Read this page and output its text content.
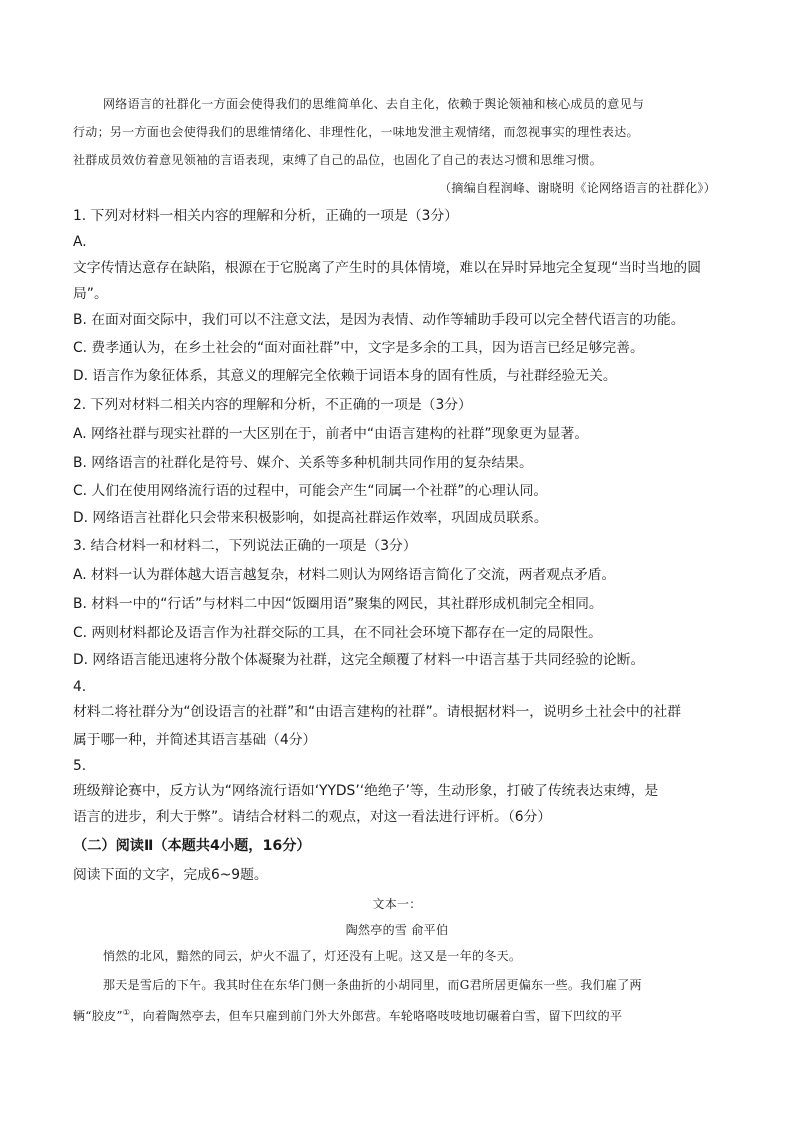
网络语言的社群化一方面会使得我们的思维简单化、去自主化，依赖于舆论领袖和核心成员的意见与
行动；另一方面也会使得我们的思维情绪化、非理性化，一味地发泄主观情绪，而忽视事实的理性表达。
社群成员效仿着意见领袖的言语表现，束缚了自己的品位，也固化了自己的表达习惯和思维习惯。
（摘编自程润峰、谢晓明《论网络语言的社群化》）
1. 下列对材料一相关内容的理解和分析，正确的一项是（3分）
A.
文字传情达意存在缺陷，根源在于它脱离了产生时的具体情境，难以在异时异地完全复现“当时当地的圆
局”。
B. 在面对面交际中，我们可以不注意文法，是因为表情、动作等辅助手段可以完全替代语言的功能。
C. 费孝通认为，在乡土社会的“面对面社群”中，文字是多余的工具，因为语言已经足够完善。
D. 语言作为象征体系，其意义的理解完全依赖于词语本身的固有性质，与社群经验无关。
2. 下列对材料二相关内容的理解和分析，不正确的一项是（3分）
A. 网络社群与现实社群的一大区别在于，前者中“由语言建构的社群”现象更为显著。
B. 网络语言的社群化是符号、媒介、关系等多种机制共同作用的复杂结果。
C. 人们在使用网络流行语的过程中，可能会产生“同属一个社群”的心理认同。
D. 网络语言社群化只会带来积极影响，如提高社群运作效率，巩固成员联系。
3. 结合材料一和材料二，下列说法正确的一项是（3分）
A. 材料一认为群体越大语言越复杂，材料二则认为网络语言简化了交流，两者观点矛盾。
B. 材料一中的“行话”与材料二中因“饭圈用语”聚集的网民，其社群形成机制完全相同。
C. 两则材料都论及语言作为社群交际的工具，在不同社会环境下都存在一定的局限性。
D. 网络语言能迅速将分散个体凝聚为社群，这完全颠覆了材料一中语言基于共同经验的论断。
4.
材料二将社群分为“创设语言的社群”和“由语言建构的社群”。请根据材料一，说明乡土社会中的社群
属于哪一种，并简述其语言基础（4分）
5.
班级辩论赛中，反方认为“网络流行语如‘YYDS’‘绝绝子’等，生动形象，打破了传统表达束缚，是
语言的进步，利大于弊”。请结合材料二的观点，对这一看法进行评析。（6分）
（二）阅读Ⅱ（本题共4小题，16分）
阅读下面的文字，完成6~9题。
文本一：
陶然亭的雪 俞平伯
悄然的北风，黯然的同云，炉火不温了，灯还没有上呢。这又是一年的冬天。
那天是雪后的下午。我其时住在东华门侧一条曲折的小胡同里，而G君所居更偏东一些。我们雇了两
辆“胶皮”①，向着陶然亭去，但车只雇到前门外大外郎营。车轮咯咯吱吱地切碾着白雪，留下凹纹的平
